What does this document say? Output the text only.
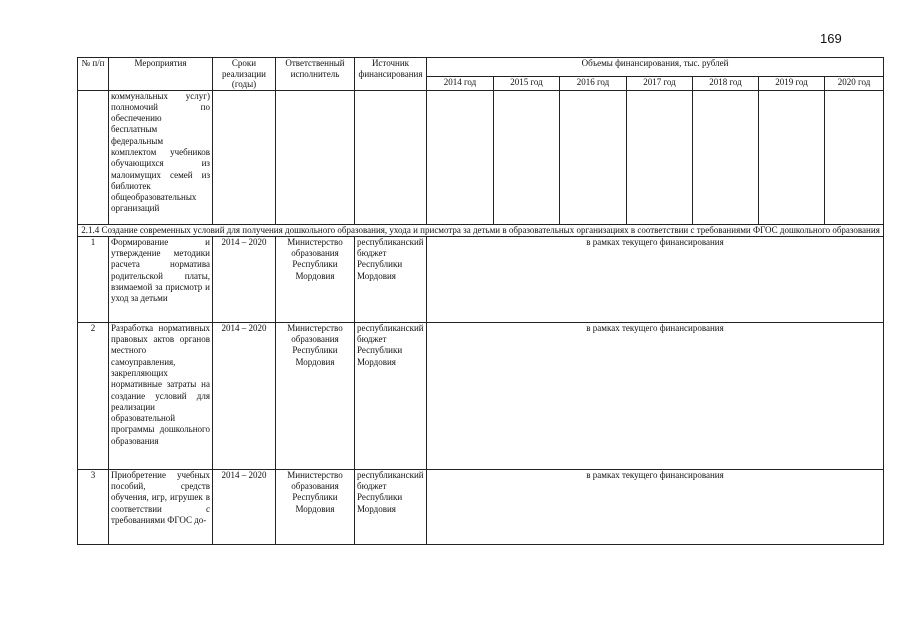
169
№ п/п	Мероприятия	Сроки реализации (годы)	Ответственный исполнитель	Источник финансирования	Объемы финансирования, тыс. рублей						
					2014 год	2015 год	2016 год	2017 год	2018 год	2019 год	2020 год
	коммунальных услуг) полномочий по обеспечению бесплатным федеральным комплектом учебников обучающихся из малоимущих семей из библиотек общеобразовательных организаций										
2.1.4 Создание современных условий для получения дошкольного образования, ухода и присмотра за детьми в образовательных организациях в соответствии с требованиями ФГОС дошкольного образования											
1	Формирование и утверждение методики расчета норматива родительской платы, взимаемой за присмотр и уход за детьми	2014 – 2020	Министерство образования Республики Мордовия	республиканский бюджет Республики Мордовия	в рамках текущего финансирования						
2	Разработка нормативных правовых актов органов местного самоуправления, закрепляющих нормативные затраты на создание условий для реализации образовательной программы дошкольного образования	2014 – 2020	Министерство образования Республики Мордовия	республиканский бюджет Республики Мордовия	в рамках текущего финансирования						
3	Приобретение учебных пособий, средств обучения, игр, игрушек в соответствии с требованиями ФГОС до-	2014 – 2020	Министерство образования Республики Мордовия	республиканский бюджет Республики Мордовия	в рамках текущего финансирования						
